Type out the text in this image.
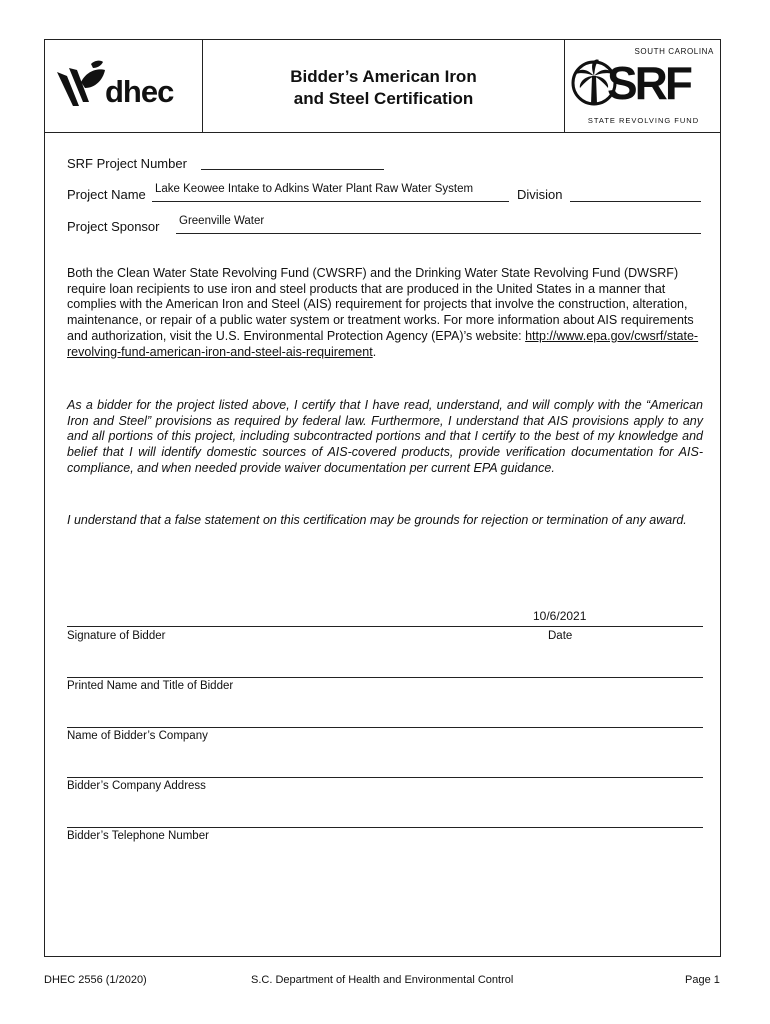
dhec	Bidder’s American Iron
and Steel Certification
SOUTH CAROLINA
SRF
STATE REVOLVING FUND
SRF Project Number
Project Name Lake Keowee Intake to Adkins Water Plant Raw Water System	Division
Project Sponsor Greenville Water
Both the Clean Water State Revolving Fund (CWSRF) and the Drinking Water State Revolving Fund (DWSRF) require loan recipients to use iron and steel products that are produced in the United States in a manner that complies with the American Iron and Steel (AIS) requirement for projects that involve the construction, alteration, maintenance, or repair of a public water system or treatment works. For more information about AIS requirements and authorization, visit the U.S. Environmental Protection Agency (EPA)’s website: http://www.epa.gov/cwsrf/state-revolving-fund-american-iron-and-steel-ais-requirement.
As a bidder for the project listed above, I certify that I have read, understand, and will comply with the “American Iron and Steel” provisions as required by federal law. Furthermore, I understand that AIS provisions apply to any and all portions of this project, including subcontracted portions and that I certify to the best of my knowledge and belief that I will identify domestic sources of AIS-covered products, provide verification documentation for AIS-compliance, and when needed provide waiver documentation per current EPA guidance.
I understand that a false statement on this certification may be grounds for rejection or termination of any award.
10/6/2021
Signature of Bidder	Date
Printed Name and Title of Bidder
Name of Bidder’s Company
Bidder’s Company Address
Bidder’s Telephone Number
DHEC 2556 (1/2020)	S.C. Department of Health and Environmental Control	Page 1
